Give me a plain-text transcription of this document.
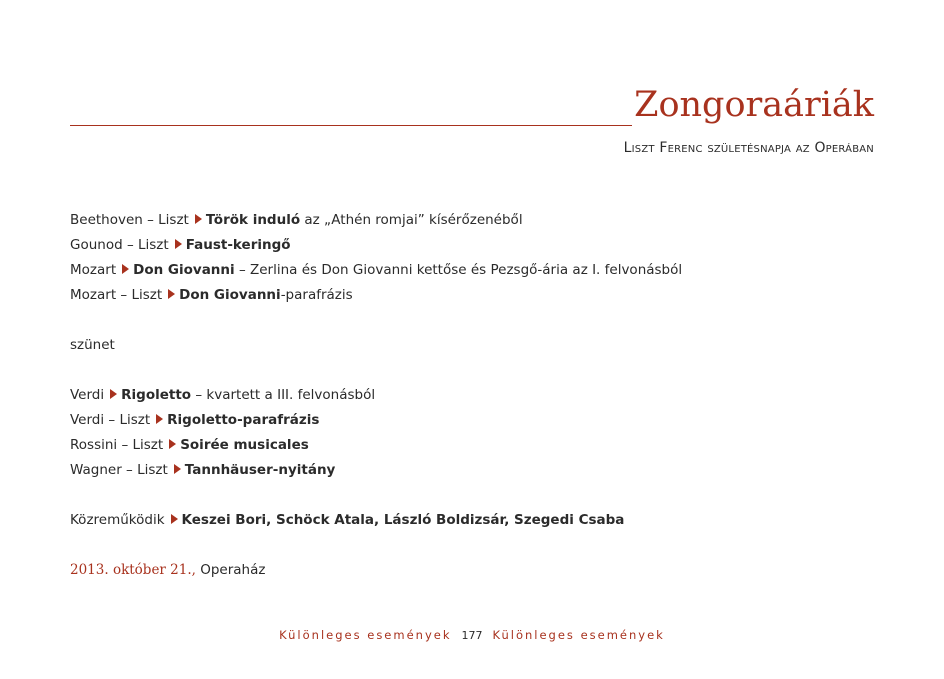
Zongoraáriák
Liszt Ferenc születésnapja az Operában
Beethoven – Liszt Török induló az „Athén romjai” kísérőzenéből
Gounod – Liszt Faust-keringő
Mozart Don Giovanni – Zerlina és Don Giovanni kettőse és Pezsgő-ária az I. felvonásból
Mozart – Liszt Don Giovanni-parafrázis
szünet
Verdi Rigoletto – kvartett a III. felvonásból
Verdi – Liszt Rigoletto-parafrázis
Rossini – Liszt Soirée musicales
Wagner – Liszt Tannhäuser-nyitány
Közreműködik Keszei Bori, Schöck Atala, László Boldizsár, Szegedi Csaba
2013. október 21., Operaház
Különleges események 177 Különleges események
